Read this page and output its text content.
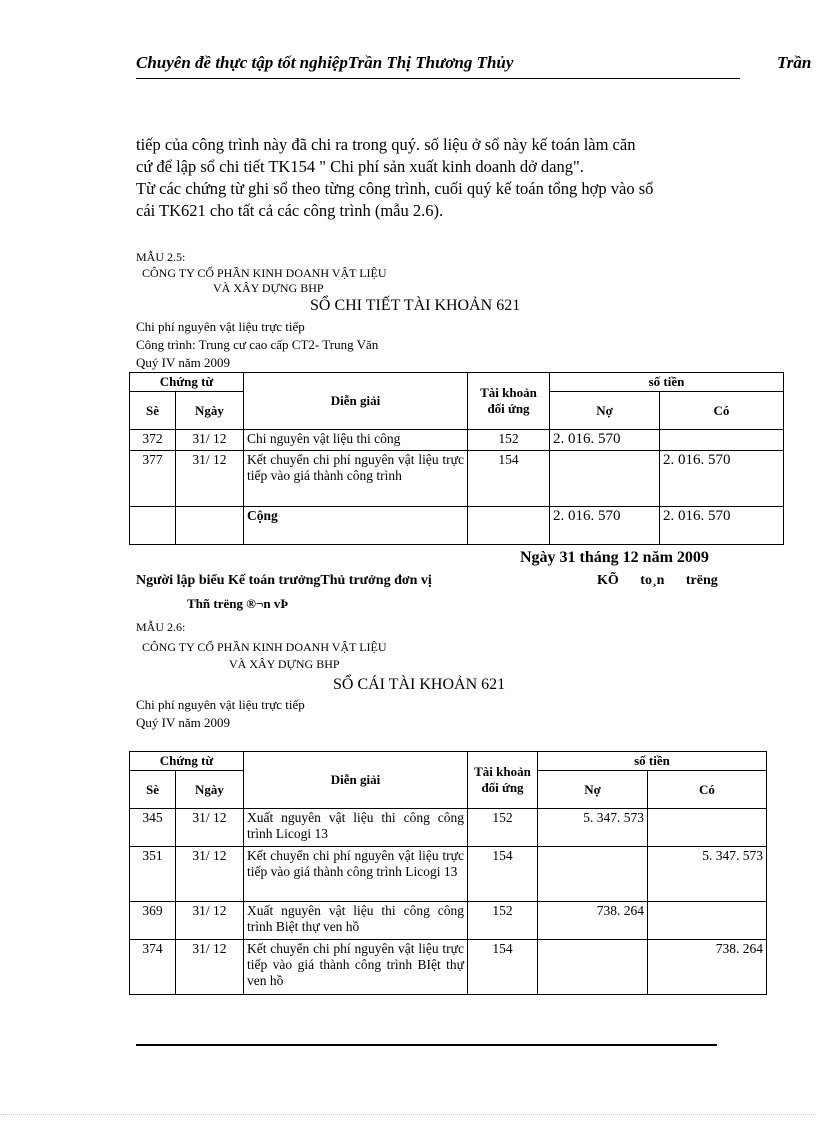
Chuyên đề thực tập tốt nghiệpTrần Thị Thương Thủy	Trần
tiếp của công trình này đã chi ra trong quý. số liệu ở sổ này kế toán làm căn
cứ để lập sổ chi tiết TK154 " Chi phí sản xuất kinh doanh dở dang".
Từ các chứng từ ghi sổ theo từng công trình, cuối quý kế toán tổng hợp vào sổ
cái TK621 cho tất cả các công trình (mẫu 2.6).
MẪU 2.5:
CÔNG TY CỔ PHẦN KINH DOANH VẬT LIỆU
VÀ XÂY DỰNG BHP
SỔ CHI TIẾT TÀI KHOẢN 621
Chi phí nguyên vật liệu trực tiếp
Công trình: Trung cư cao cấp CT2- Trung Văn
Quý IV năm 2009
Chứng từ		Diễn giải	Tài khoản đối ứng	số tiền	
Sè	Ngày			Nợ	Có
372	31/ 12	Chi nguyên vật liệu thi công	152	2. 016. 570	
377	31/ 12	Kết chuyển chi phí nguyên vật liệu trực tiếp vào giá thành công trình	154		2. 016. 570
		Cộng		2. 016. 570	2. 016. 570
Ngày 31 tháng 12 năm 2009
Người lập biểu Kế toán trưởngThủ trưởng đơn vị	KÕ to¸n trëng
Thñ trëng ®¬n vÞ
MẪU 2.6:
CÔNG TY CỔ PHẦN KINH DOANH VẬT LIỆU
VÀ XÂY DỰNG BHP
SỔ CÁI TÀI KHOẢN 621
Chi phí nguyên vật liệu trực tiếp
Quý IV năm 2009
Chứng từ		Diễn giải	Tài khoản đối ứng	số tiền	
Sè	Ngày			Nợ	Có
345	31/ 12	Xuất nguyên vật liệu thi công công trình Licogi 13	152	5. 347. 573	
351	31/ 12	Kết chuyển chi phí nguyên vật liệu trực tiếp vào giá thành công trình Licogi 13	154		5. 347. 573
369	31/ 12	Xuất nguyên vật liệu thi công công trình Biệt thự ven hồ	152	738. 264	
374	31/ 12	Kết chuyển chi phí nguyên vật liệu trực tiếp vào giá thành công trình BIệt thự ven hồ	154		738. 264
